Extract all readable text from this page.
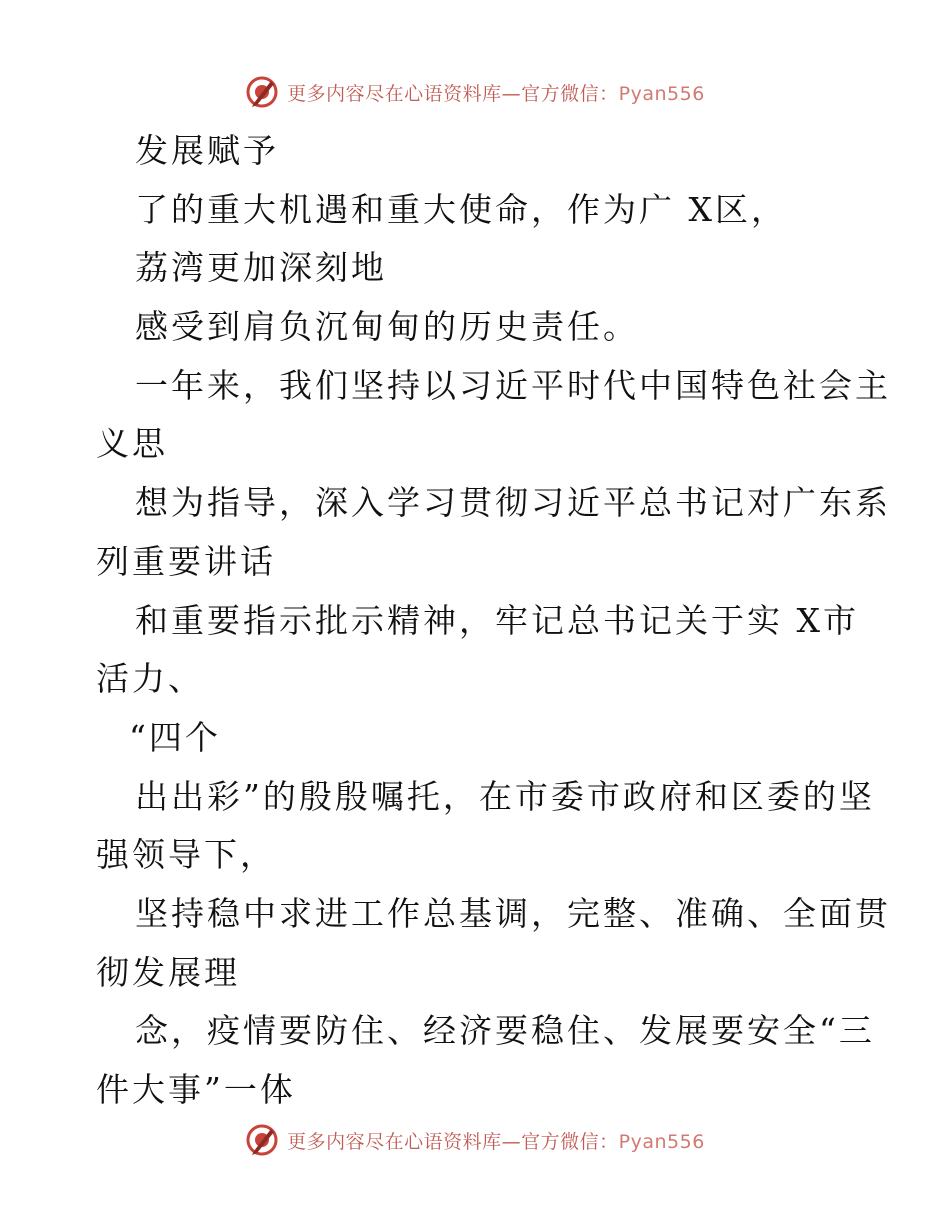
更多内容尽在心语资料库—官方微信：Pyan556
发展赋予
了的重大机遇和重大使命，作为广 X区，
荔湾更加深刻地
感受到肩负沉甸甸的历史责任。
一年来，我们坚持以习近平时代中国特色社会主
义思
想为指导，深入学习贯彻习近平总书记对广东系
列重要讲话
和重要指示批示精神，牢记总书记关于实 X市
活力、
“四个
出出彩”的殷殷嘱托，在市委市政府和区委的坚
强领导下，
坚持稳中求进工作总基调，完整、准确、全面贯
彻发展理
念，疫情要防住、经济要稳住、发展要安全“三
件大事”一体
更多内容尽在心语资料库—官方微信：Pyan556
